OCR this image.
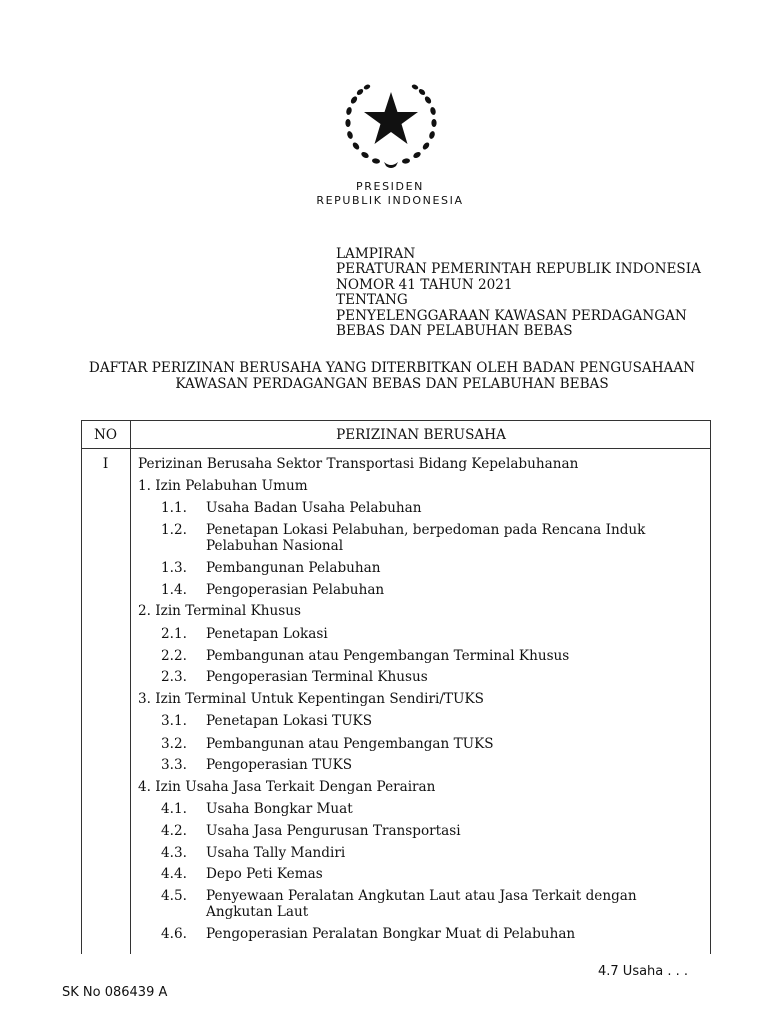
PRESIDEN
REPUBLIK INDONESIA
LAMPIRAN
PERATURAN PEMERINTAH REPUBLIK INDONESIA
NOMOR 41 TAHUN 2021
TENTANG
PENYELENGGARAAN KAWASAN PERDAGANGAN
BEBAS DAN PELABUHAN BEBAS
DAFTAR PERIZINAN BERUSAHA YANG DITERBITKAN OLEH BADAN PENGUSAHAAN
KAWASAN PERDAGANGAN BEBAS DAN PELABUHAN BEBAS
NO	PERIZINAN BERUSAHA
I	Perizinan Berusaha Sektor Transportasi Bidang Kepelabuhanan
1. Izin Pelabuhan Umum
1.1. Usaha Badan Usaha Pelabuhan
1.2. Penetapan Lokasi Pelabuhan, berpedoman pada Rencana Induk
Pelabuhan Nasional
1.3. Pembangunan Pelabuhan
1.4. Pengoperasian Pelabuhan
2. Izin Terminal Khusus
2.1. Penetapan Lokasi
2.2. Pembangunan atau Pengembangan Terminal Khusus
2.3. Pengoperasian Terminal Khusus
3. Izin Terminal Untuk Kepentingan Sendiri/TUKS
3.1. Penetapan Lokasi TUKS
3.2. Pembangunan atau Pengembangan TUKS
3.3. Pengoperasian TUKS
4. Izin Usaha Jasa Terkait Dengan Perairan
4.1. Usaha Bongkar Muat
4.2. Usaha Jasa Pengurusan Transportasi
4.3. Usaha Tally Mandiri
4.4. Depo Peti Kemas
4.5. Penyewaan Peralatan Angkutan Laut atau Jasa Terkait dengan
Angkutan Laut
4.6. Pengoperasian Peralatan Bongkar Muat di Pelabuhan
4.7 Usaha . . .
SK No 086439 A
